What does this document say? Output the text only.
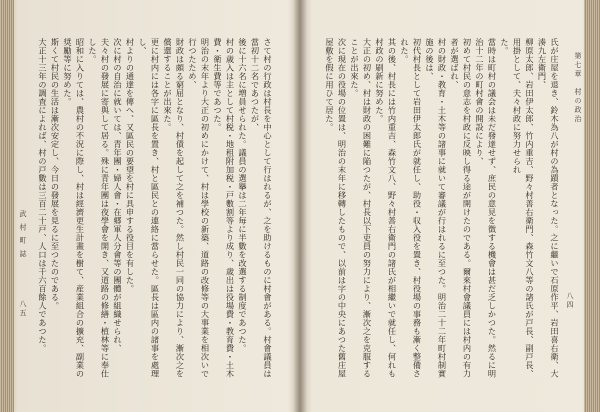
武 村 町 誌
八五	さて村の行政は村長を中心として行はれるが、之を助けるものに村會がある。村會議員は當初十二名であつたが、

後に十六名に増員せられた。議員の選擧は二年毎に半數を改選する制度であつた。

村の歳入は主として村税・地租附加税・戸數割等より成り、歳出は役場費・教育費・土木費・衛生費等であつた。

明治の末年より大正の初めにかけて、村は學校の新築、道路の改修等の大事業を相次いで行つたため、

財政は頗る窮屈となり、村債を起して之を補つた。然し村民一同の協力により、漸次之を償還することが出來た。

更に村内には各字に區長を置き、村と區民との連絡に當らせた。區長は區内の諸事を處理し、

村よりの通達を傳へ、又區民の要望を村に具申する役目を有した。

次に村の自治に就いては、青年團・婦人會・在郷軍人分會等の團體が組織せられ、

夫々村の發展に寄與して居る。殊に青年團は夜學會を開き、又道路の修繕・植林等に奉仕した。

昭和に入りては、農村の不況に際し、村は經濟更生計畫を樹て、産業組合の擴充、副業の奨勵等に努めた。

斯くて村民の生活は漸次安定し、今日の發展を見るに至つたのである。

大正十三年の調査によれば、村の戸數は三百二十戸、人口は千六百餘人であつた。	第七章　村の政治
八四

氏が庄屋を退き、鈴木為八が村の為蹟者となった。之に繼いで石原作平、岩田喜右衛、大湊九左衛門、

柳原太郎、岩田伊太郎、竹内重吉、野々村善右衛門、森竹文八等の諸氏が戸長、副戸長、用掛として、夫々村政に努力せられ

た。

當時は町村の議会は未だ發達せず、庶民の意見を徴する機會は甚だ乏しかつた。然るに明治十二年の町村會の開設により、

初めて村民の意志を村政に反映し得る途が開けたのである。爾來村會議員には村内の有力者が選ばれ、

村の財政・教育・土木等の諸事に就いて審議が行はれるに至つた。明治二十二年町村制實施の後は、

初代村長として岩田伊太郎氏が就任し、助役・収入役を置き、村役場の事務も漸く整備された。

其の後、村長には竹内重吉、森竹文八、野々村善右衛門の諸氏が相繼いで就任し、何れも村政の刷新に努めた。

大正の初め、村は財政の困難に陥つたが、村長以下吏員の努力により、漸次之を克服することが出來た。

次に現在の役場の位置は、明治の末年に移轉したもので、以前は字の中央にあつた舊庄屋屋敷を假に用ひて居た。
